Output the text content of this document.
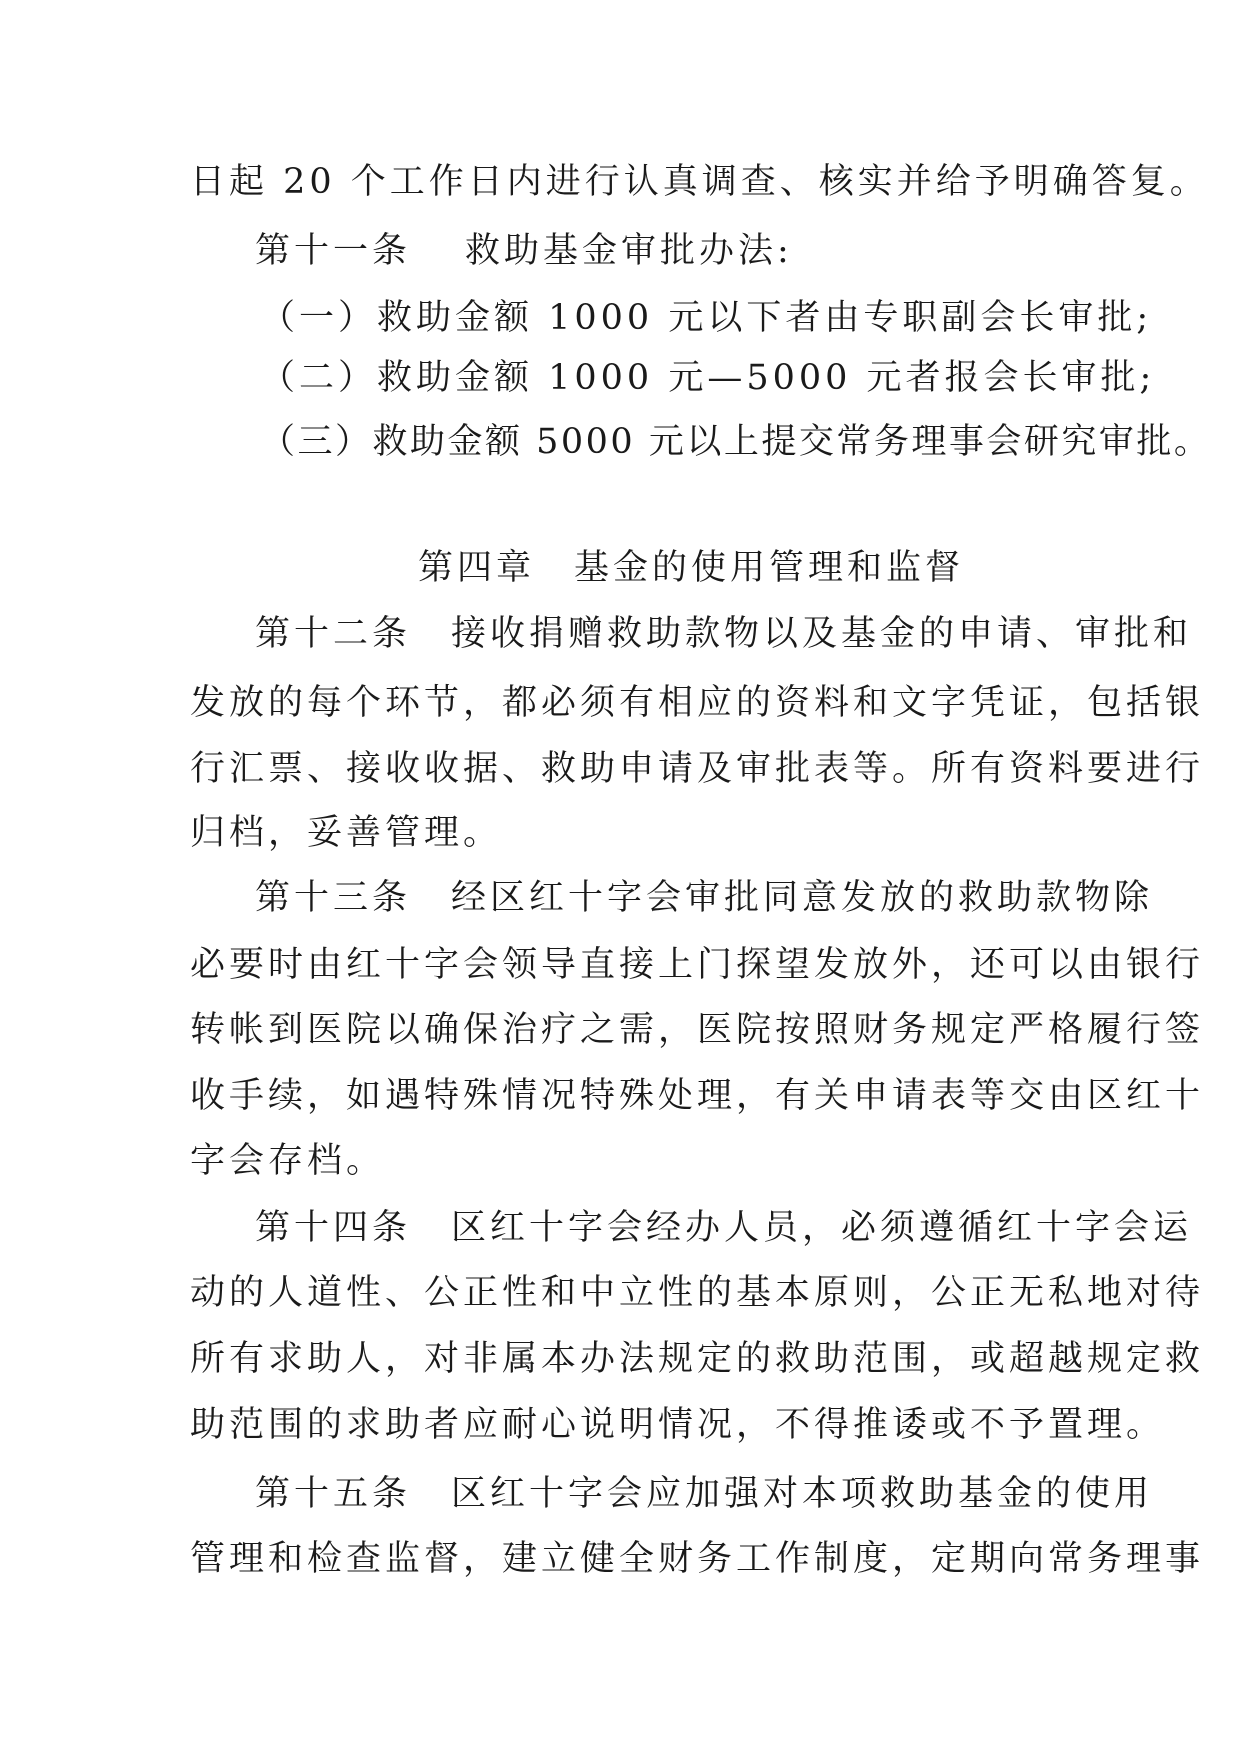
日起 20 个工作日内进行认真调查、核实并给予明确答复。
第十一条 救助基金审批办法:
（一）救助金额 1000 元以下者由专职副会长审批;
（二）救助金额 1000 元—5000 元者报会长审批;
（三）救助金额 5000 元以上提交常务理事会研究审批。
第四章　基金的使用管理和监督
第十二条 接收捐赠救助款物以及基金的申请、审批和
发放的每个环节，都必须有相应的资料和文字凭证，包括银
行汇票、接收收据、救助申请及审批表等。所有资料要进行
归档，妥善管理。
第十三条 经区红十字会审批同意发放的救助款物除
必要时由红十字会领导直接上门探望发放外，还可以由银行
转帐到医院以确保治疗之需，医院按照财务规定严格履行签
收手续，如遇特殊情况特殊处理，有关申请表等交由区红十
字会存档。
第十四条 区红十字会经办人员，必须遵循红十字会运
动的人道性、公正性和中立性的基本原则，公正无私地对待
所有求助人，对非属本办法规定的救助范围，或超越规定救
助范围的求助者应耐心说明情况，不得推诿或不予置理。
第十五条 区红十字会应加强对本项救助基金的使用
管理和检查监督，建立健全财务工作制度，定期向常务理事
